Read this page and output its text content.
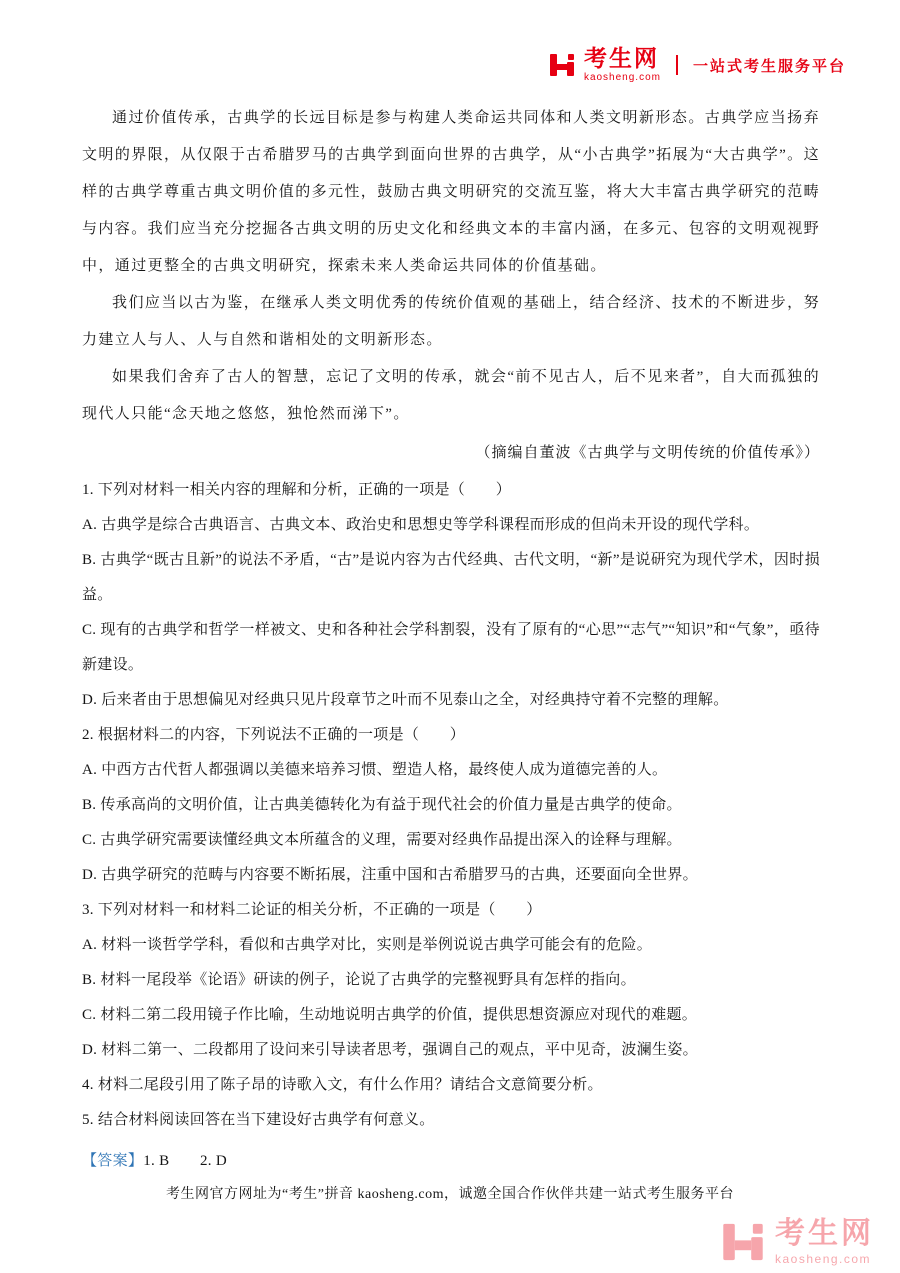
考生网
kaosheng.com
一站式考生服务平台

通过价值传承，古典学的长远目标是参与构建人类命运共同体和人类文明新形态。古典学应当扬弃文明的界限，从仅限于古希腊罗马的古典学到面向世界的古典学，从“小古典学”拓展为“大古典学”。这样的古典学尊重古典文明价值的多元性，鼓励古典文明研究的交流互鉴，将大大丰富古典学研究的范畴与内容。我们应当充分挖掘各古典文明的历史文化和经典文本的丰富内涵，在多元、包容的文明观视野中，通过更整全的古典文明研究，探索未来人类命运共同体的价值基础。

我们应当以古为鉴，在继承人类文明优秀的传统价值观的基础上，结合经济、技术的不断进步，努力建立人与人、人与自然和谐相处的文明新形态。

如果我们舍弃了古人的智慧，忘记了文明的传承，就会“前不见古人，后不见来者”，自大而孤独的现代人只能“念天地之悠悠，独怆然而涕下”。

（摘编自董波《古典学与文明传统的价值传承》）

1. 下列对材料一相关内容的理解和分析，正确的一项是（　　）

A. 古典学是综合古典语言、古典文本、政治史和思想史等学科课程而形成的但尚未开设的现代学科。

B. 古典学“既古且新”的说法不矛盾，“古”是说内容为古代经典、古代文明，“新”是说研究为现代学术，因时损益。

C. 现有的古典学和哲学一样被文、史和各种社会学科割裂，没有了原有的“心思”“志气”“知识”和“气象”，亟待新建设。

D. 后来者由于思想偏见对经典只见片段章节之叶而不见泰山之全，对经典持守着不完整的理解。

2. 根据材料二的内容，下列说法不正确的一项是（　　）

A. 中西方古代哲人都强调以美德来培养习惯、塑造人格，最终使人成为道德完善的人。

B. 传承高尚的文明价值，让古典美德转化为有益于现代社会的价值力量是古典学的使命。

C. 古典学研究需要读懂经典文本所蕴含的义理，需要对经典作品提出深入的诠释与理解。

D. 古典学研究的范畴与内容要不断拓展，注重中国和古希腊罗马的古典，还要面向全世界。

3. 下列对材料一和材料二论证的相关分析，不正确的一项是（　　）

A. 材料一谈哲学学科，看似和古典学对比，实则是举例说说古典学可能会有的危险。

B. 材料一尾段举《论语》研读的例子，论说了古典学的完整视野具有怎样的指向。

C. 材料二第二段用镜子作比喻，生动地说明古典学的价值，提供思想资源应对现代的难题。

D. 材料二第一、二段都用了设问来引导读者思考，强调自己的观点，平中见奇，波澜生姿。

4. 材料二尾段引用了陈子昂的诗歌入文，有什么作用？请结合文意简要分析。

5. 结合材料阅读回答在当下建设好古典学有何意义。

【答案】1. B　　2. D
考生网官方网址为“考生”拼音 kaosheng.com，诚邀全国合作伙伴共建一站式考生服务平台
考生网
kaosheng.com
